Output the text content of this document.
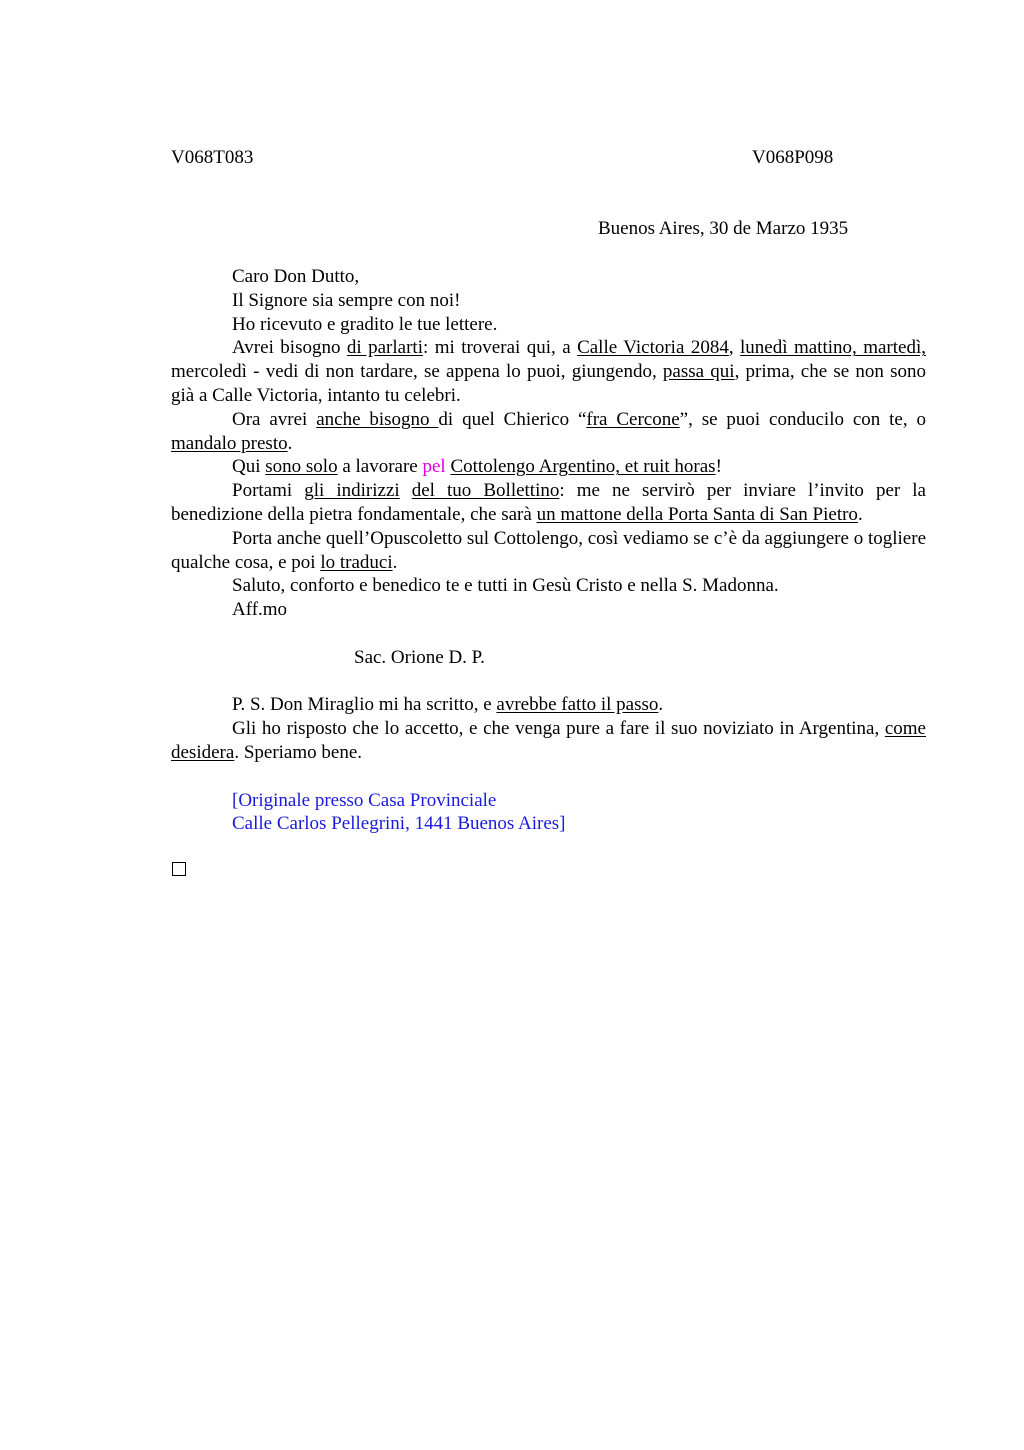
V068T083	V068P098
Buenos Aires, 30 de Marzo 1935

Caro Don Dutto,

Il Signore sia sempre con noi!

Ho ricevuto e gradito le tue lettere.

Avrei bisogno di parlarti: mi troverai qui, a Calle Victoria 2084, lunedì mattino, martedì, mercoledì - vedi di non tardare, se appena lo puoi, giungendo, passa qui, prima, che se non sono già a Calle Victoria, intanto tu celebri.

Ora avrei anche bisogno di quel Chierico “fra Cercone”, se puoi conducilo con te, o mandalo presto.

Qui sono solo a lavorare pel Cottolengo Argentino, et ruit horas!

Portami gli indirizzi del tuo Bollettino: me ne servirò per inviare l’invito per la benedizione della pietra fondamentale, che sarà un mattone della Porta Santa di San Pietro.

Porta anche quell’Opuscoletto sul Cottolengo, così vediamo se c’è da aggiungere o togliere qualche cosa, e poi lo traduci.

Saluto, conforto e benedico te e tutti in Gesù Cristo e nella S. Madonna.

Aff.mo

Sac. Orione D. P.

P. S. Don Miraglio mi ha scritto, e avrebbe fatto il passo.

Gli ho risposto che lo accetto, e che venga pure a fare il suo noviziato in Argentina, come desidera. Speriamo bene.

[Originale presso Casa Provinciale

Calle Carlos Pellegrini, 1441 Buenos Aires]
